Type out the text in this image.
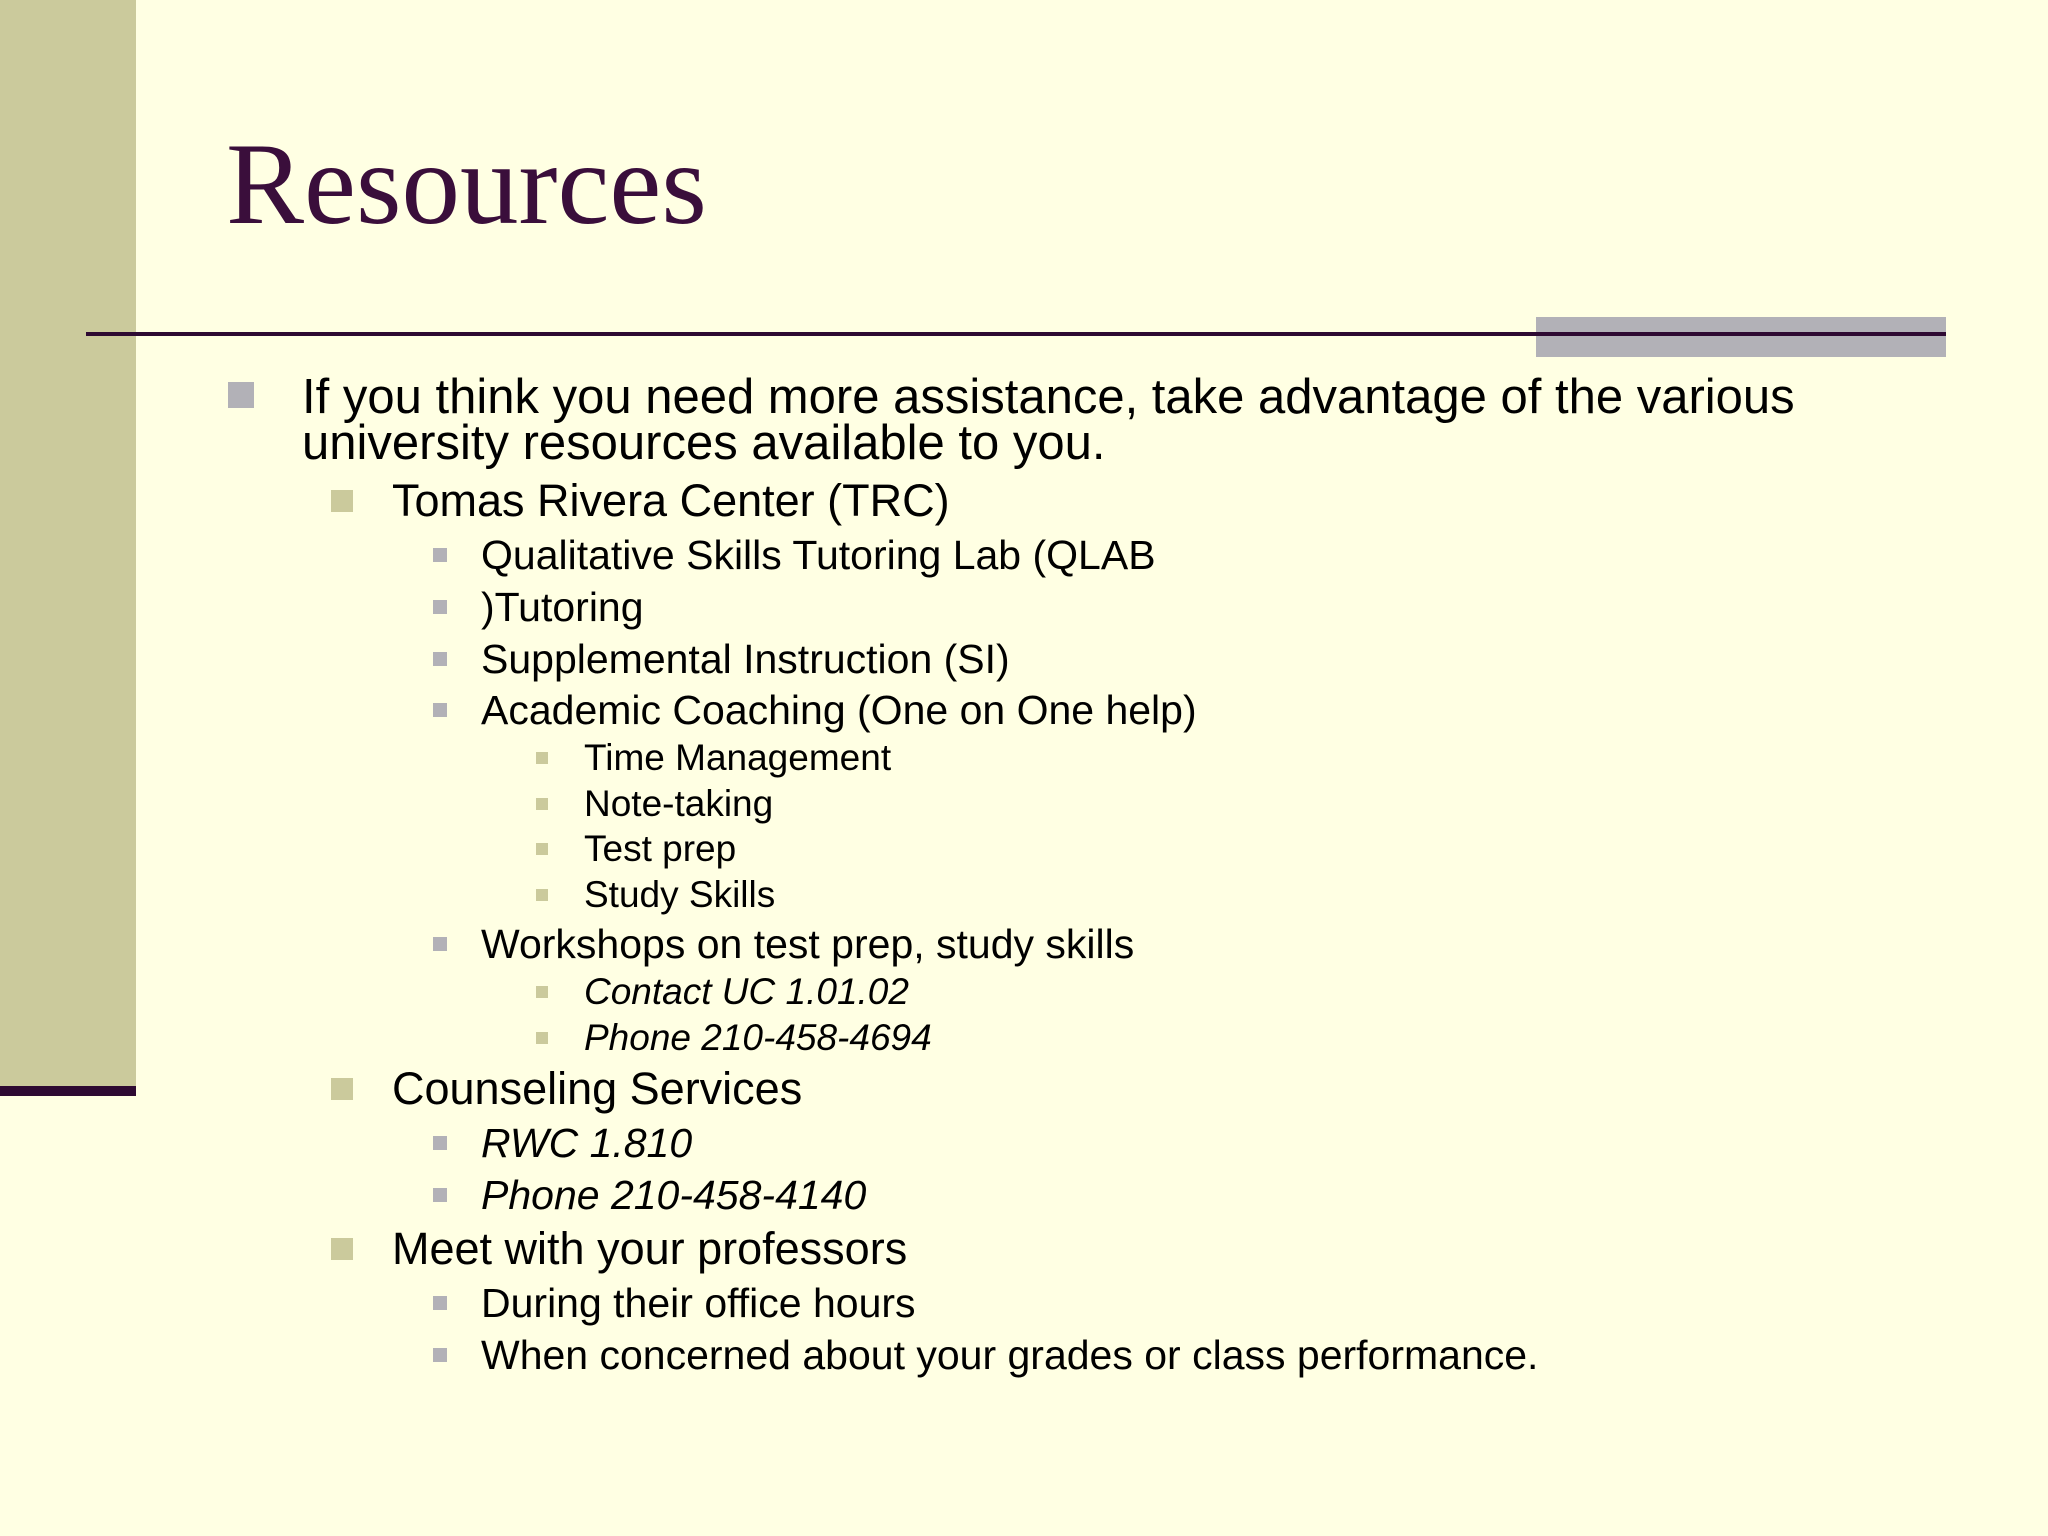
Resources
If you think you need more assistance, take advantage of the various
university resources available to you.
Tomas Rivera Center (TRC)
Qualitative Skills Tutoring Lab (QLAB
)Tutoring
Supplemental Instruction (SI)
Academic Coaching (One on One help)
Time Management
Note-taking
Test prep
Study Skills
Workshops on test prep, study skills
Contact UC 1.01.02
Phone 210-458-4694
Counseling Services
RWC 1.810
Phone 210-458-4140
Meet with your professors
During their office hours
When concerned about your grades or class performance.
